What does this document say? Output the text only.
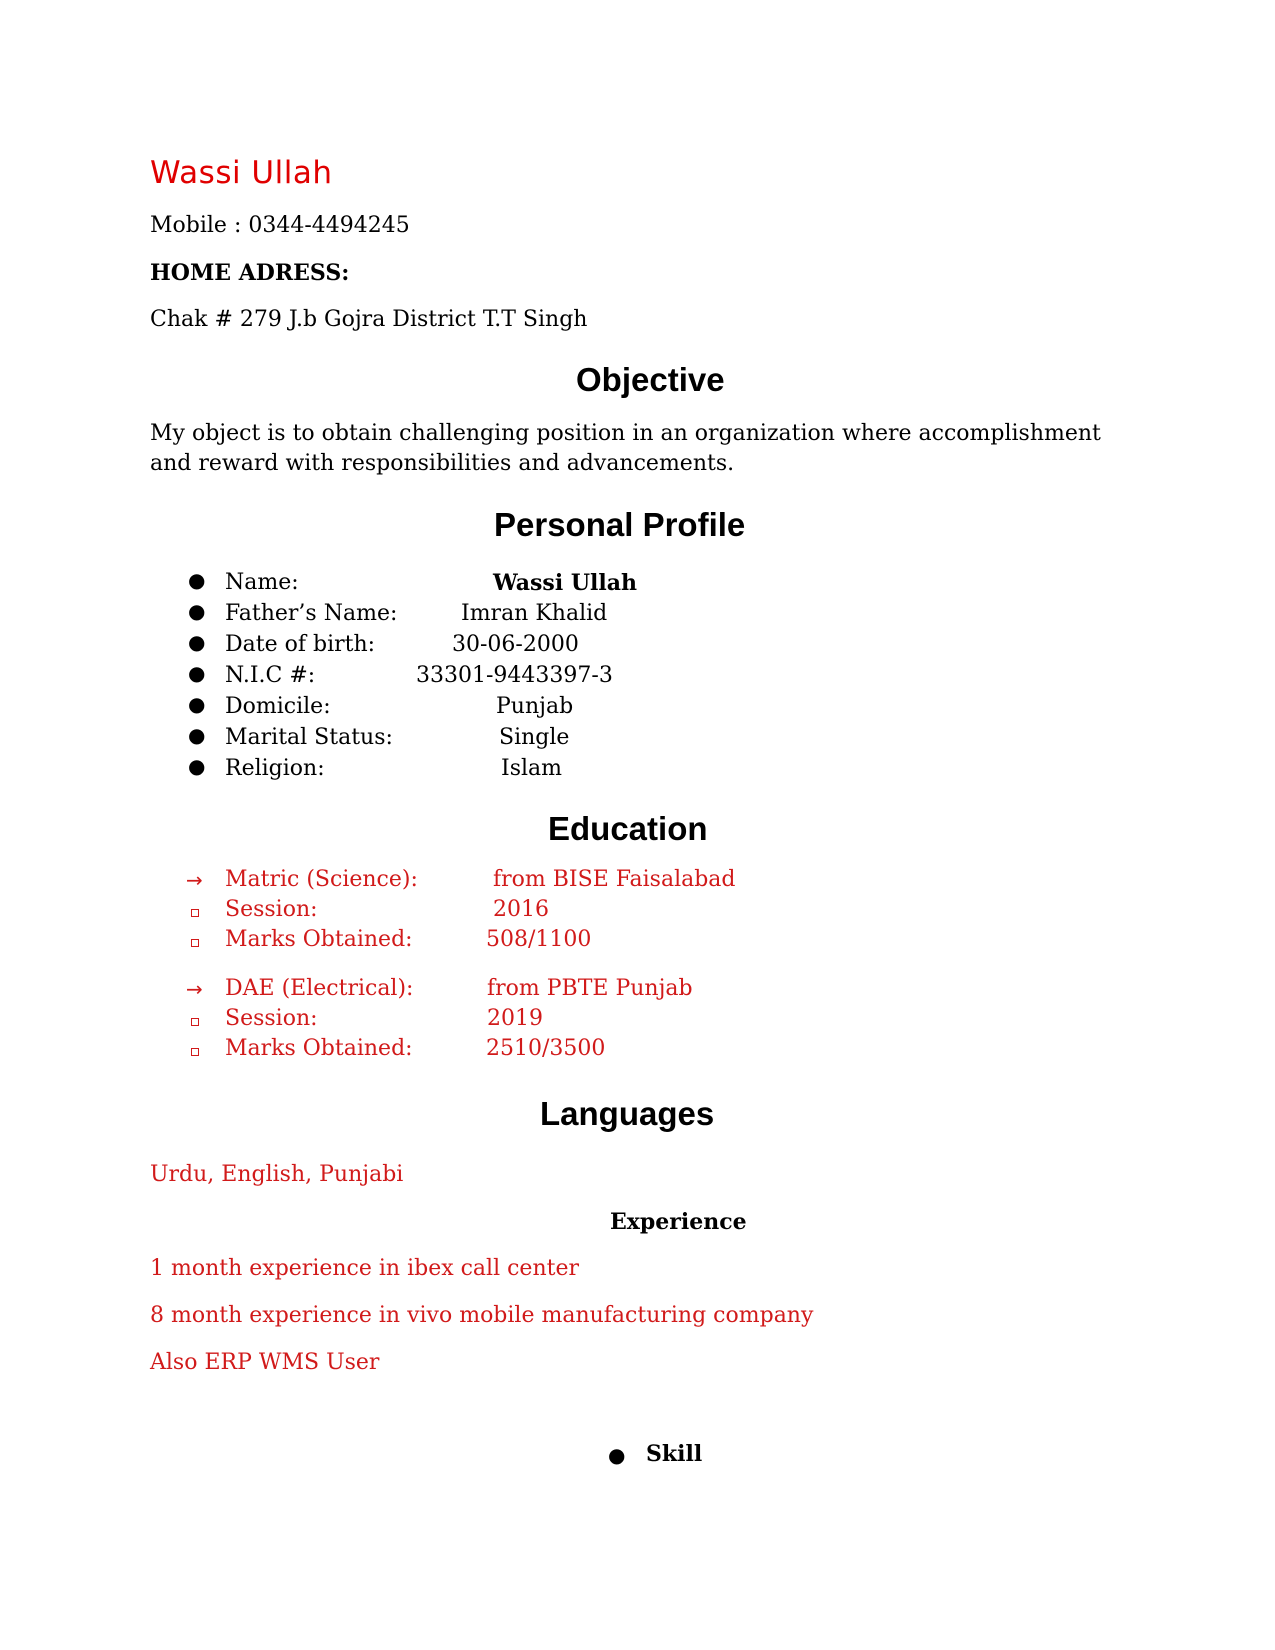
Wassi Ullah
Mobile : 0344-4494245
HOME ADRESS:
Chak # 279 J.b Gojra District T.T Singh
Objective
My object is to obtain challenging position in an organization where accomplishment
and reward with responsibilities and advancements.
Personal Profile
● Name:	Wassi Ullah
● Father’s Name:	Imran Khalid
● Date of birth:	30-06-2000
● N.I.C #:	33301-9443397-3
● Domicile:	Punjab
● Marital Status:	Single
● Religion:	Islam
Education
→ Matric (Science):	from BISE Faisalabad
Session:	2016
Marks Obtained:	508/1100
→ DAE (Electrical):	from PBTE Punjab
Session:	2019
Marks Obtained:	2510/3500
Languages
Urdu, English, Punjabi
Experience
1 month experience in ibex call center
8 month experience in vivo mobile manufacturing company
Also ERP WMS User
● Skill
